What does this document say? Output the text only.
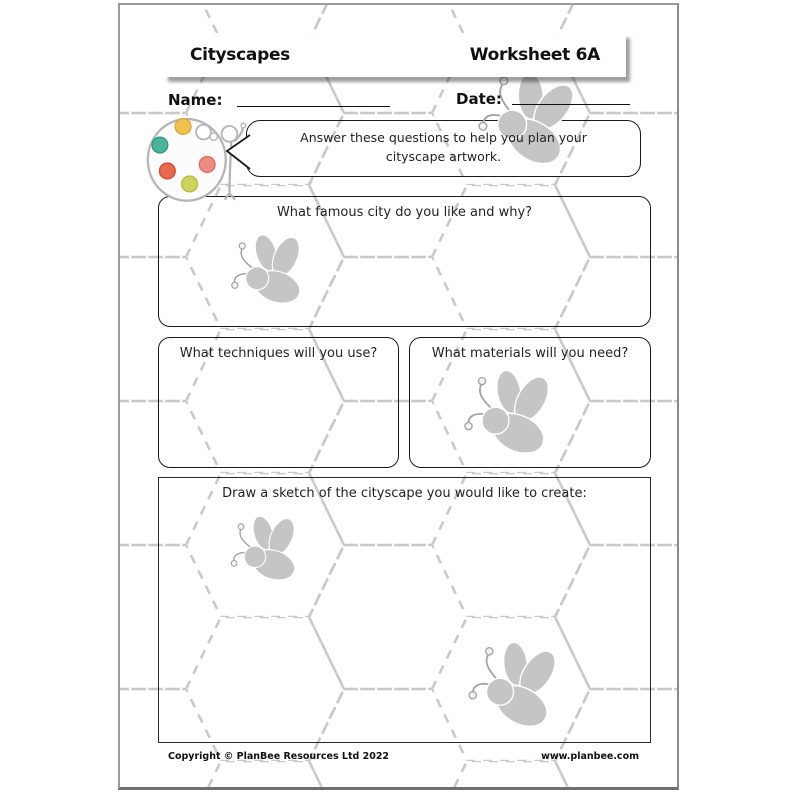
Cityscapes	Worksheet 6A
Name:	Date:
Answer these questions to help you plan your cityscape artwork.
What famous city do you like and why?
What techniques will you use?	What materials will you need?
Draw a sketch of the cityscape you would like to create:
Copyright © PlanBee Resources Ltd 2022	www.planbee.com
